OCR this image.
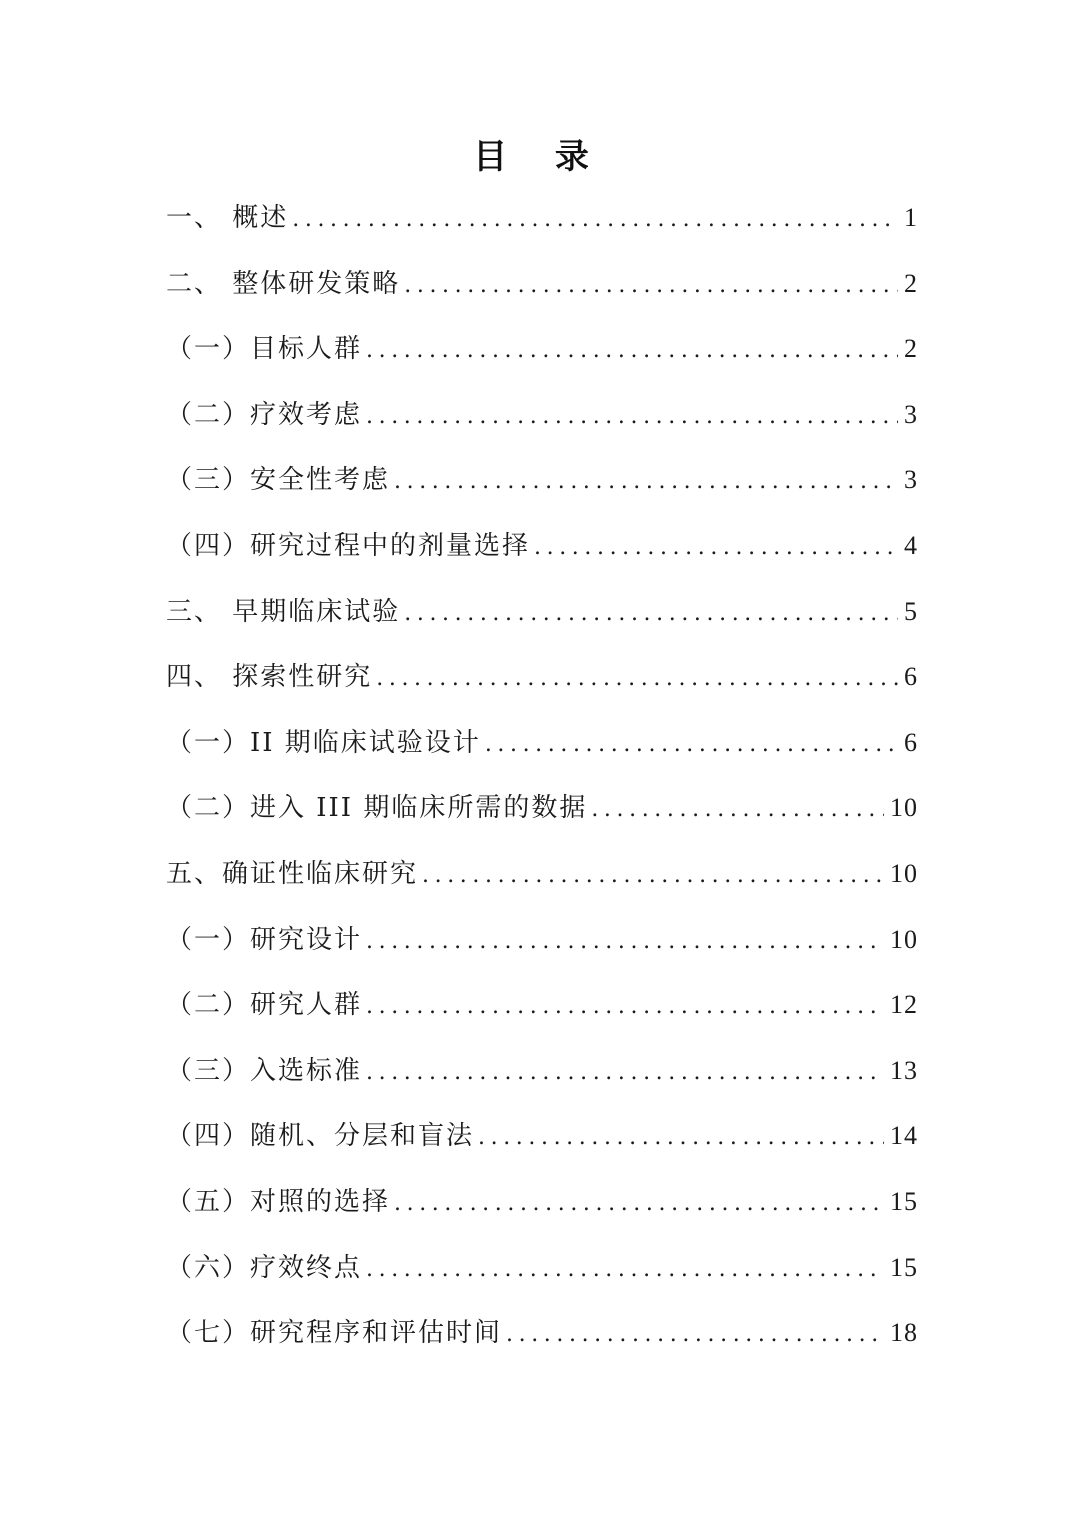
目 录
一、 概述 .....	1
二、 整体研发策略 .....	2
（一）目标人群 .....	2
（二）疗效考虑 .....	3
（三）安全性考虑 .....	3
（四）研究过程中的剂量选择 .....	4
三、 早期临床试验 .....	5
四、 探索性研究 .....	6
（一）II 期临床试验设计 .....	6
（二）进入 III 期临床所需的数据 .....	10
五、确证性临床研究 .....	10
（一）研究设计 .....	10
（二）研究人群 .....	12
（三）入选标准 .....	13
（四）随机、分层和盲法 .....	14
（五）对照的选择 .....	15
（六）疗效终点 .....	15
（七）研究程序和评估时间 .....	18
